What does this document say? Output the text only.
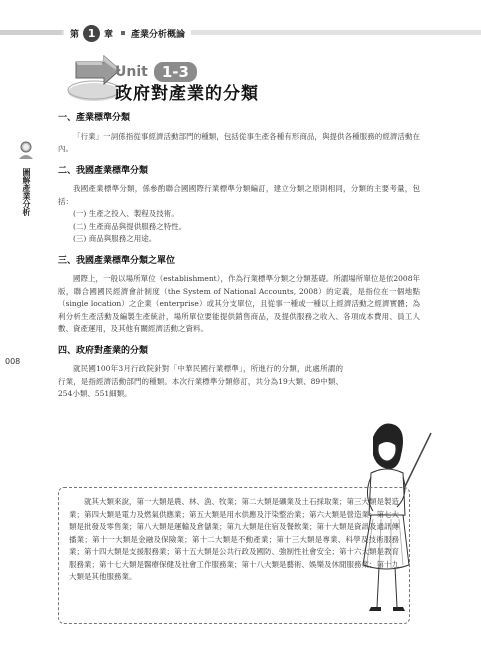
第 1 章 產業分析概論
Unit 1-3
政府對產業的分類
圖解產業分析
008
一、產業標準分類

「行業」一詞係指從事經濟活動部門的種類，包括從事生產各種有形商品，與提供各種服務的經濟活動在內。

二、我國產業標準分類

我國產業標準分類，係參酌聯合國國際行業標準分類編訂，建立分類之原則相同，分類的主要考量，包括：

(一) 生產之投入、製程及技術。
(二) 生產商品與提供服務之特性。
(三) 商品與服務之用途。
三、我國產業標準分類之單位

國際上，一般以場所單位（establishment），作為行業標準分類之分類基礎。所謂場所單位是依2008年版，聯合國國民經濟會計制度（the System of National Accounts, 2008）的定義，是指位在一個地點（single location）之企業（enterprise）或其分支單位，且從事一種或一種以上經濟活動之經濟實體；為利分析生產活動及編製生產統計，場所單位要能提供銷售商品，及提供服務之收入、各項成本費用、員工人數、資產運用，及其他有關經濟活動之資料。

四、政府對產業的分類

就民國100年3月行政院針對「中華民國行業標準」，所進行的分類，此處所謂的行業，是指經濟活動部門的種類。本次行業標準分類修訂，共分為19大類、89中類、254小類、551細類。

就其大類來說，第一大類是農、林、漁、牧業；第二大類是礦業及土石採取業；第三大類是製造業；第四大類是電力及燃氣供應業；第五大類是用水供應及汙染整治業；第六大類是營造業；第七大類是批發及零售業；第八大類是運輸及倉儲業；第九大類是住宿及餐飲業；第十大類是資訊及通訊傳播業；第十一大類是金融及保險業；第十二大類是不動產業；第十三大類是專業、科學及技術服務業；第十四大類是支援服務業；第十五大類是公共行政及國防、強制性社會安全；第十六大類是教育服務業；第十七大類是醫療保健及社會工作服務業；第十八大類是藝術、娛樂及休閒服務業；第十九大類是其他服務業。
